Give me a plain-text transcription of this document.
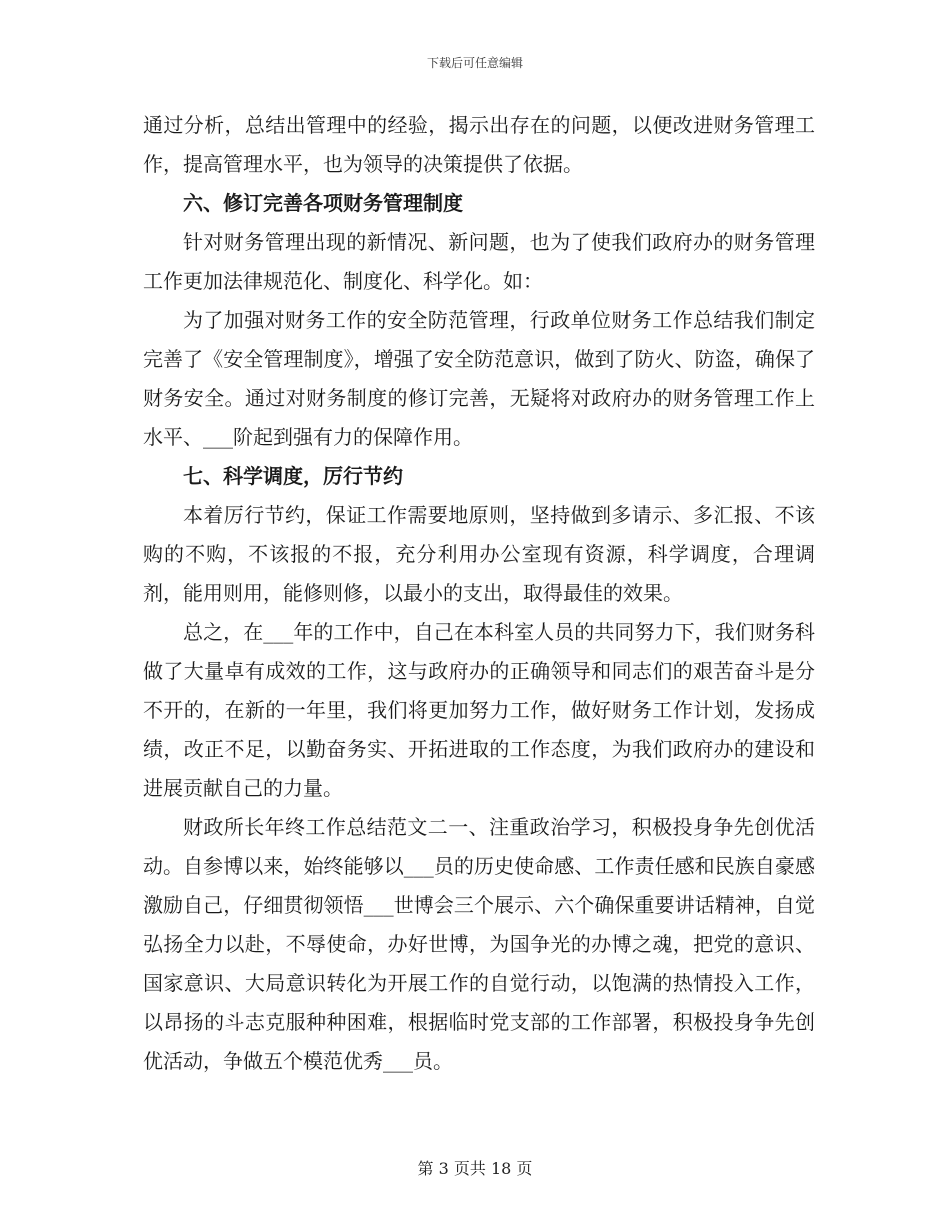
下载后可任意编辑

通过分析，总结出管理中的经验，揭示出存在的问题，以便改进财务管理工作，提高管理水平，也为领导的决策提供了依据。

六、修订完善各项财务管理制度

针对财务管理出现的新情况、新问题，也为了使我们政府办的财务管理工作更加法律规范化、制度化、科学化。如：

为了加强对财务工作的安全防范管理，行政单位财务工作总结我们制定完善了《安全管理制度》，增强了安全防范意识，做到了防火、防盗，确保了财务安全。通过对财务制度的修订完善，无疑将对政府办的财务管理工作上水平、___阶起到强有力的保障作用。

七、科学调度，厉行节约

本着厉行节约，保证工作需要地原则，坚持做到多请示、多汇报、不该购的不购，不该报的不报，充分利用办公室现有资源，科学调度，合理调剂，能用则用，能修则修，以最小的支出，取得最佳的效果。

总之，在___年的工作中，自己在本科室人员的共同努力下，我们财务科做了大量卓有成效的工作，这与政府办的正确领导和同志们的艰苦奋斗是分不开的，在新的一年里，我们将更加努力工作，做好财务工作计划，发扬成绩，改正不足，以勤奋务实、开拓进取的工作态度，为我们政府办的建设和进展贡献自己的力量。

财政所长年终工作总结范文二一、注重政治学习，积极投身争先创优活动。自参博以来，始终能够以___员的历史使命感、工作责任感和民族自豪感激励自己，仔细贯彻领悟___世博会三个展示、六个确保重要讲话精神，自觉弘扬全力以赴，不辱使命，办好世博，为国争光的办博之魂，把党的意识、国家意识、大局意识转化为开展工作的自觉行动，以饱满的热情投入工作，以昂扬的斗志克服种种困难，根据临时党支部的工作部署，积极投身争先创优活动，争做五个模范优秀___员。

第 3 页共 18 页
